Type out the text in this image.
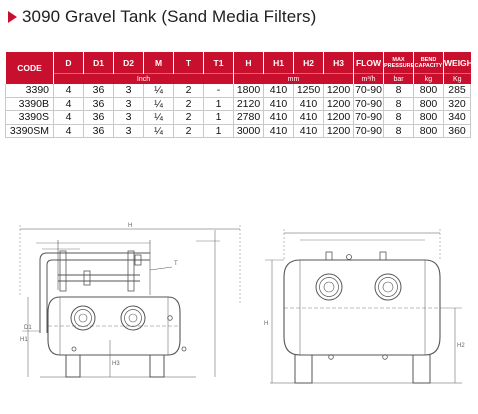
3090 Gravel Tank (Sand Media Filters)
CODE	D	D1	D2	M	T	T1	H	H1	H2	H3	FLOW	MAX PRESSURE	BEND CAPACITY	WEIGHT
	Inch						mm				m³/h	bar	kg	Kg
3390	4	36	3	¼	2	-	1800	410	1250	1200	70-90	8	800	285
3390B	4	36	3	¼	2	1	2120	410	410	1200	70-90	8	800	320
3390S	4	36	3	¼	2	1	2780	410	410	1200	70-90	8	800	340
3390SM	4	36	3	¼	2	1	3000	410	410	1200	70-90	8	800	360
H
H3
H1
D1
T
H
H2
